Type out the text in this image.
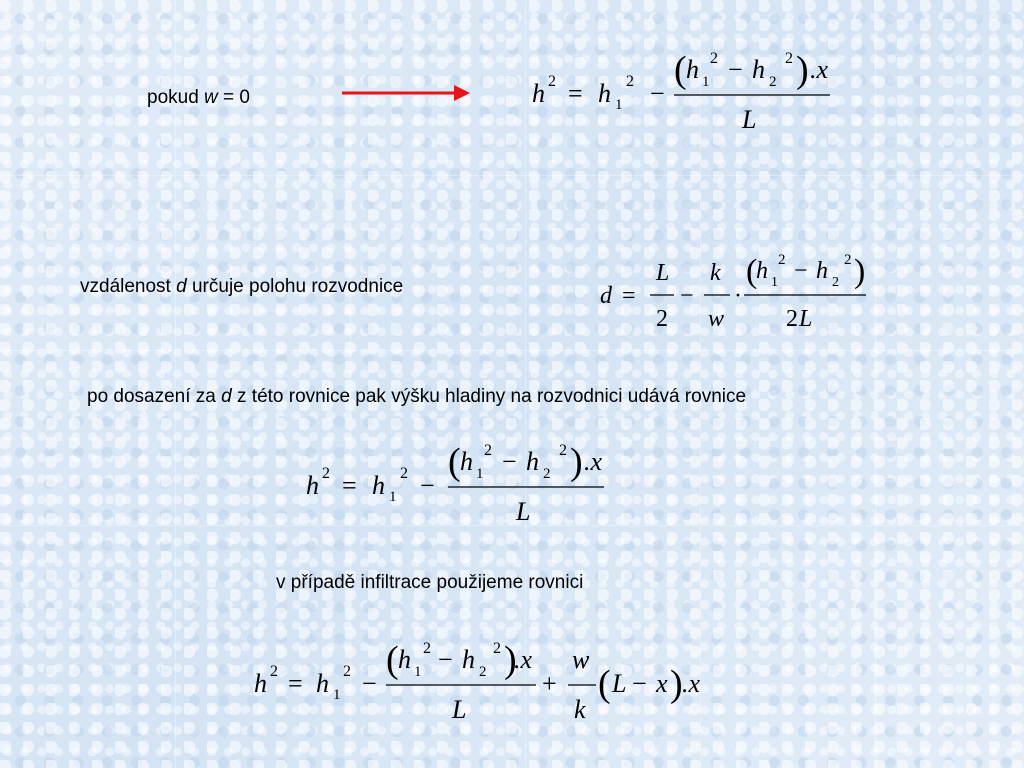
pokud w = 0	h 2 = h 1
2 −
( h 1
2 − h 2
2 ) .x
L
vzdálenost d určuje polohu rozvodnice	d =
L
2
−
k
w
·
(
h 1
2 − h 2
2 )
2 L
po dosazení za d z této rovnice pak výšku hladiny na rozvodnici udává rovnice
h 2 = h 1
2 −
( h 1
2 − h 2
2 ) .x
L
v případě infiltrace použijeme rovnici
h 2 = h 1
2 −
( h 1
2 − h 2
2 )
.x
L
+
w
k
( L − x ) .x
